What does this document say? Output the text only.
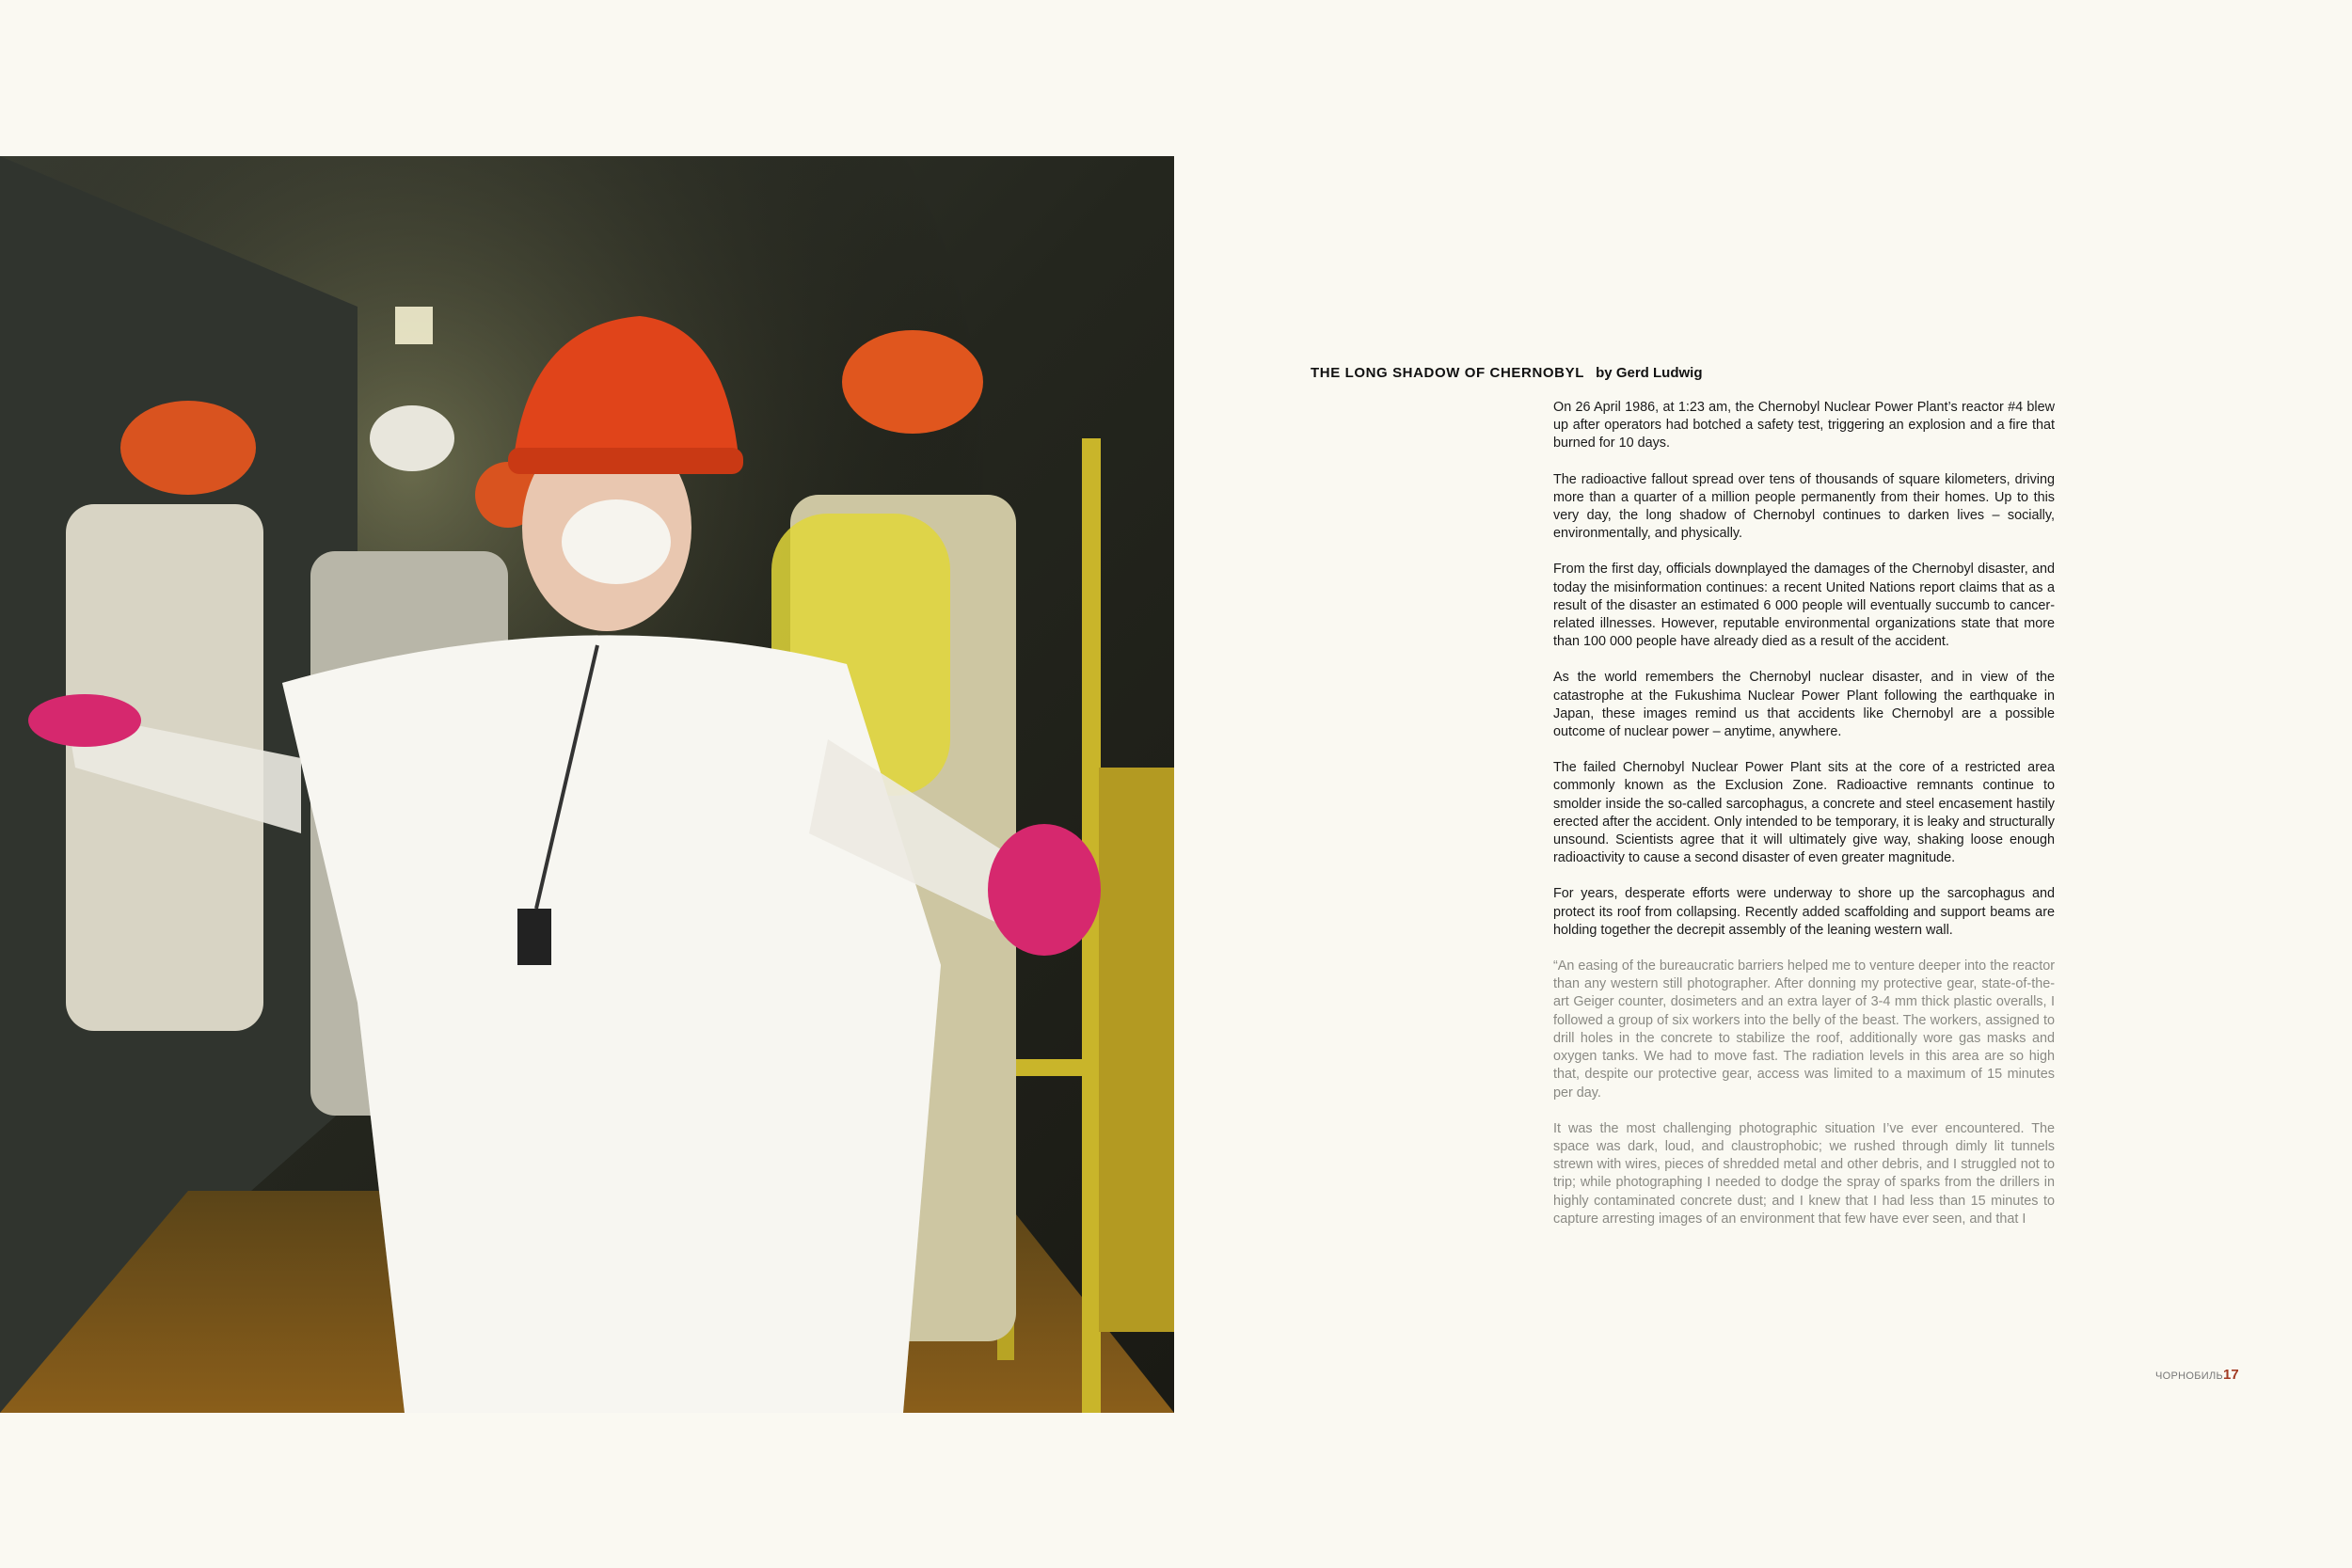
THE LONG SHADOW OF CHERNOBYL by Gerd Ludwig

On 26 April 1986, at 1:23 am, the Chernobyl Nuclear Power Plant’s reactor #4 blew up after operators had botched a safety test, triggering an explosion and a fire that burned for 10 days.

The radioactive fallout spread over tens of thousands of square kilometers, driving more than a quarter of a million people permanently from their homes. Up to this very day, the long shadow of Chernobyl continues to darken lives – socially, environmentally, and physically.

From the first day, officials downplayed the damages of the Chernobyl disaster, and today the misinformation continues: a recent United Nations report claims that as a result of the disaster an estimated 6 000 people will eventually succumb to cancer-related illnesses. However, reputable environmental organizations state that more than 100 000 people have already died as a result of the accident.

As the world remembers the Chernobyl nuclear disaster, and in view of the catastrophe at the Fukushima Nuclear Power Plant following the earthquake in Japan, these images remind us that accidents like Chernobyl are a possible outcome of nuclear power – anytime, anywhere.

The failed Chernobyl Nuclear Power Plant sits at the core of a restricted area commonly known as the Exclusion Zone. Radioactive remnants continue to smolder inside the so-called sarcophagus, a concrete and steel encasement hastily erected after the accident. Only intended to be temporary, it is leaky and structurally unsound. Scientists agree that it will ultimately give way, shaking loose enough radioactivity to cause a second disaster of even greater magnitude.

For years, desperate efforts were underway to shore up the sarcophagus and protect its roof from collapsing. Recently added scaffolding and support beams are holding together the decrepit assembly of the leaning western wall.

“An easing of the bureaucratic barriers helped me to venture deeper into the reactor than any western still photographer. After donning my protective gear, state-of-the-art Geiger counter, dosimeters and an extra layer of 3-4 mm thick plastic overalls, I followed a group of six workers into the belly of the beast. The workers, assigned to drill holes in the concrete to stabilize the roof, additionally wore gas masks and oxygen tanks. We had to move fast. The radiation levels in this area are so high that, despite our protective gear, access was limited to a maximum of 15 minutes per day.

It was the most challenging photographic situation I’ve ever encountered. The space was dark, loud, and claustrophobic; we rushed through dimly lit tunnels strewn with wires, pieces of shredded metal and other debris, and I struggled not to trip; while photographing I needed to dodge the spray of sparks from the drillers in highly contaminated concrete dust; and I knew that I had less than 15 minutes to capture arresting images of an environment that few have ever seen, and that I

ЧОРНОБИЛЬ17
